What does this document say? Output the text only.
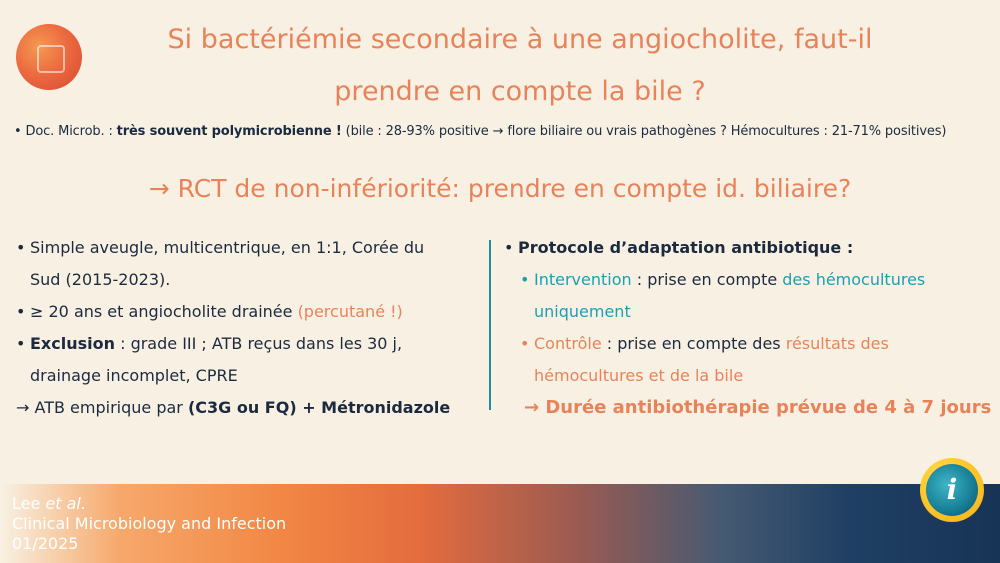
Si bactériémie secondaire à une angiocholite, faut-il
prendre en compte la bile ?
• Doc. Microb. : très souvent polymicrobienne ! (bile : 28-93% positive → flore biliaire ou vrais pathogènes ? Hémocultures : 21-71% positives)
→ RCT de non-infériorité: prendre en compte id. biliaire?
• Simple aveugle, multicentrique, en 1:1, Corée du
Sud (2015-2023).
• ≥ 20 ans et angiocholite drainée (percutané !)
• Exclusion : grade III ; ATB reçus dans les 30 j,
drainage incomplet, CPRE
→ ATB empirique par (C3G ou FQ) + Métronidazole
• Protocole d’adaptation antibiotique :
• Intervention : prise en compte des hémocultures
uniquement
• Contrôle : prise en compte des résultats des
hémocultures et de la bile
→ Durée antibiothérapie prévue de 4 à 7 jours
Lee et al.
Clinical Microbiology and Infection
01/2025
i
